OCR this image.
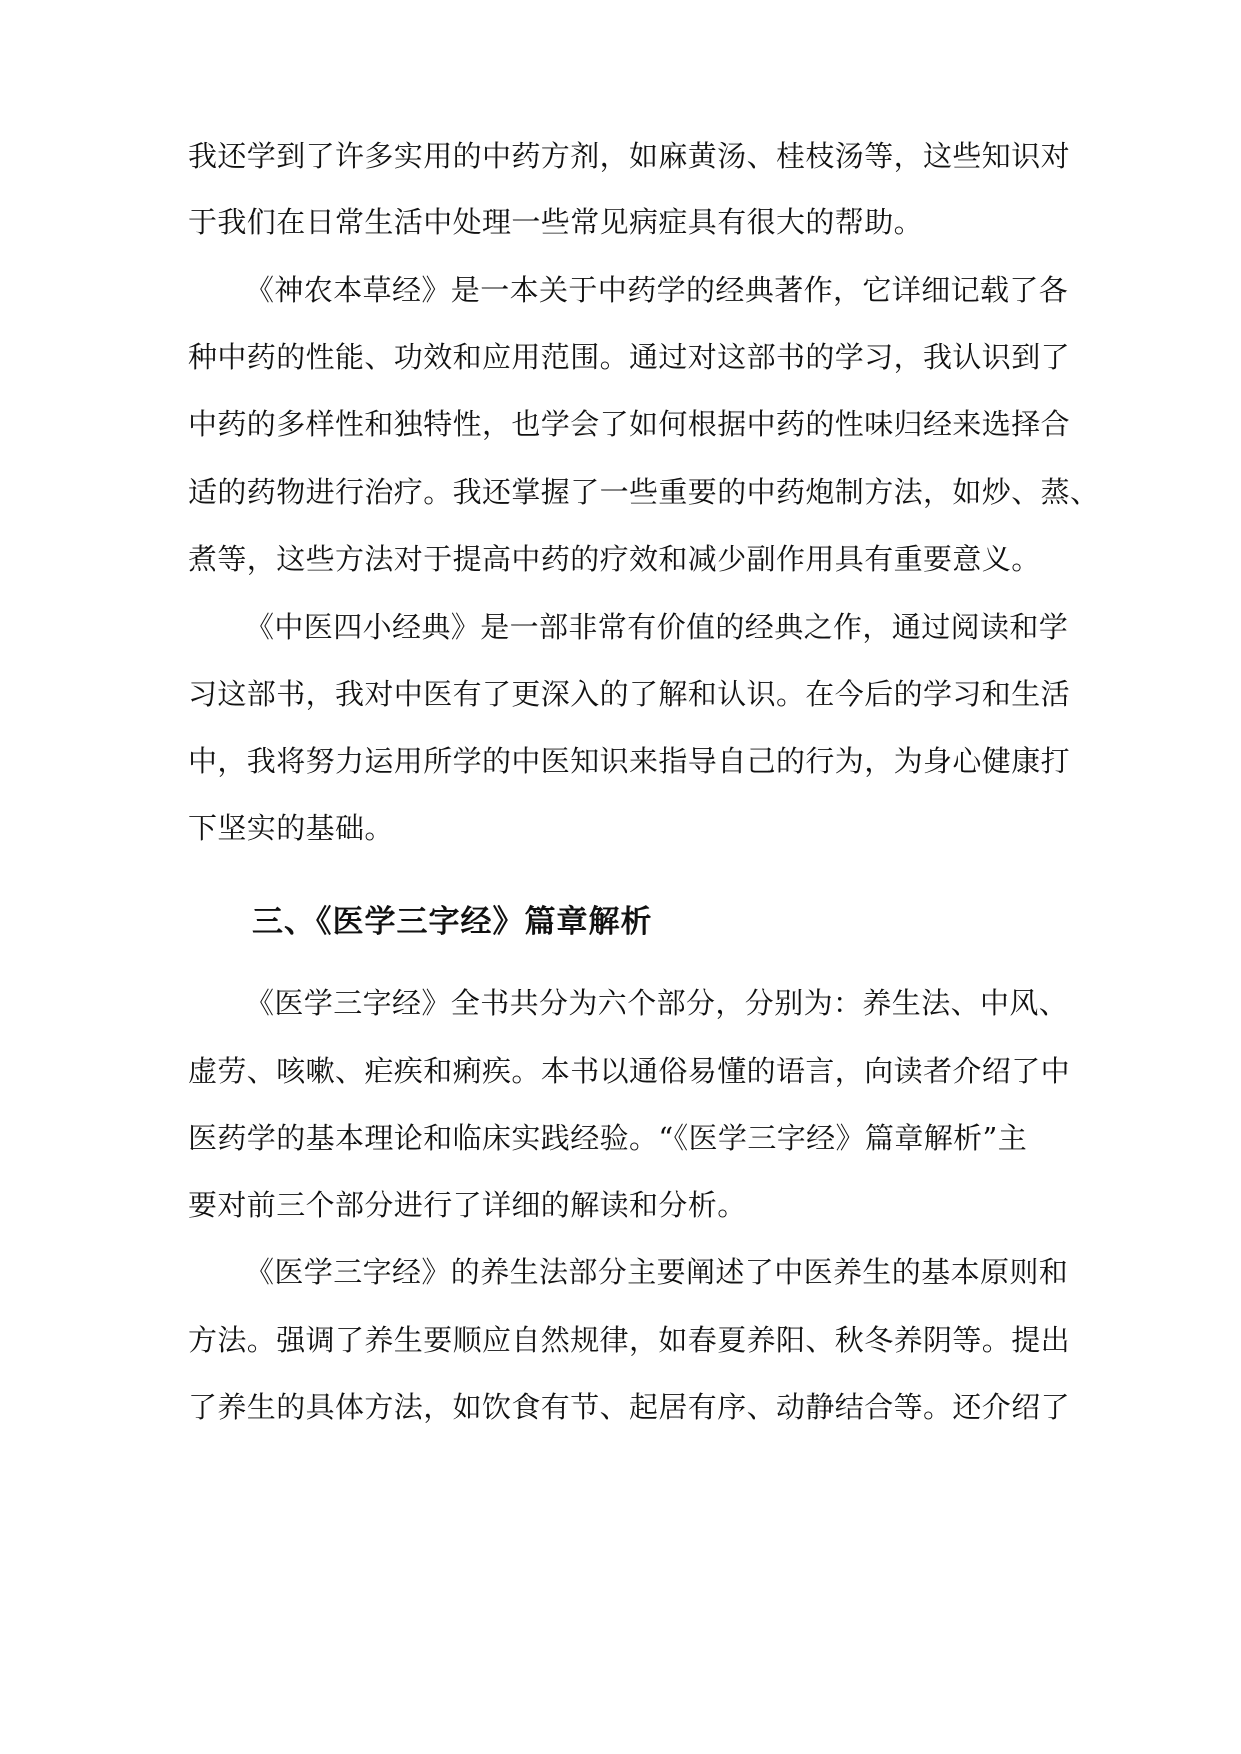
我还学到了许多实用的中药方剂，如麻黄汤、桂枝汤等，这些知识对
于我们在日常生活中处理一些常见病症具有很大的帮助。
《神农本草经》是一本关于中药学的经典著作，它详细记载了各
种中药的性能、功效和应用范围。通过对这部书的学习，我认识到了
中药的多样性和独特性，也学会了如何根据中药的性味归经来选择合
适的药物进行治疗。我还掌握了一些重要的中药炮制方法，如炒、蒸、
煮等，这些方法对于提高中药的疗效和减少副作用具有重要意义。
《中医四小经典》是一部非常有价值的经典之作，通过阅读和学
习这部书，我对中医有了更深入的了解和认识。在今后的学习和生活
中，我将努力运用所学的中医知识来指导自己的行为，为身心健康打
下坚实的基础。
三、《医学三字经》篇章解析
《医学三字经》全书共分为六个部分，分别为：养生法、中风、
虚劳、咳嗽、疟疾和痢疾。本书以通俗易懂的语言，向读者介绍了中
医药学的基本理论和临床实践经验。“《医学三字经》篇章解析”主
要对前三个部分进行了详细的解读和分析。
《医学三字经》的养生法部分主要阐述了中医养生的基本原则和
方法。强调了养生要顺应自然规律，如春夏养阳、秋冬养阴等。提出
了养生的具体方法，如饮食有节、起居有序、动静结合等。还介绍了
